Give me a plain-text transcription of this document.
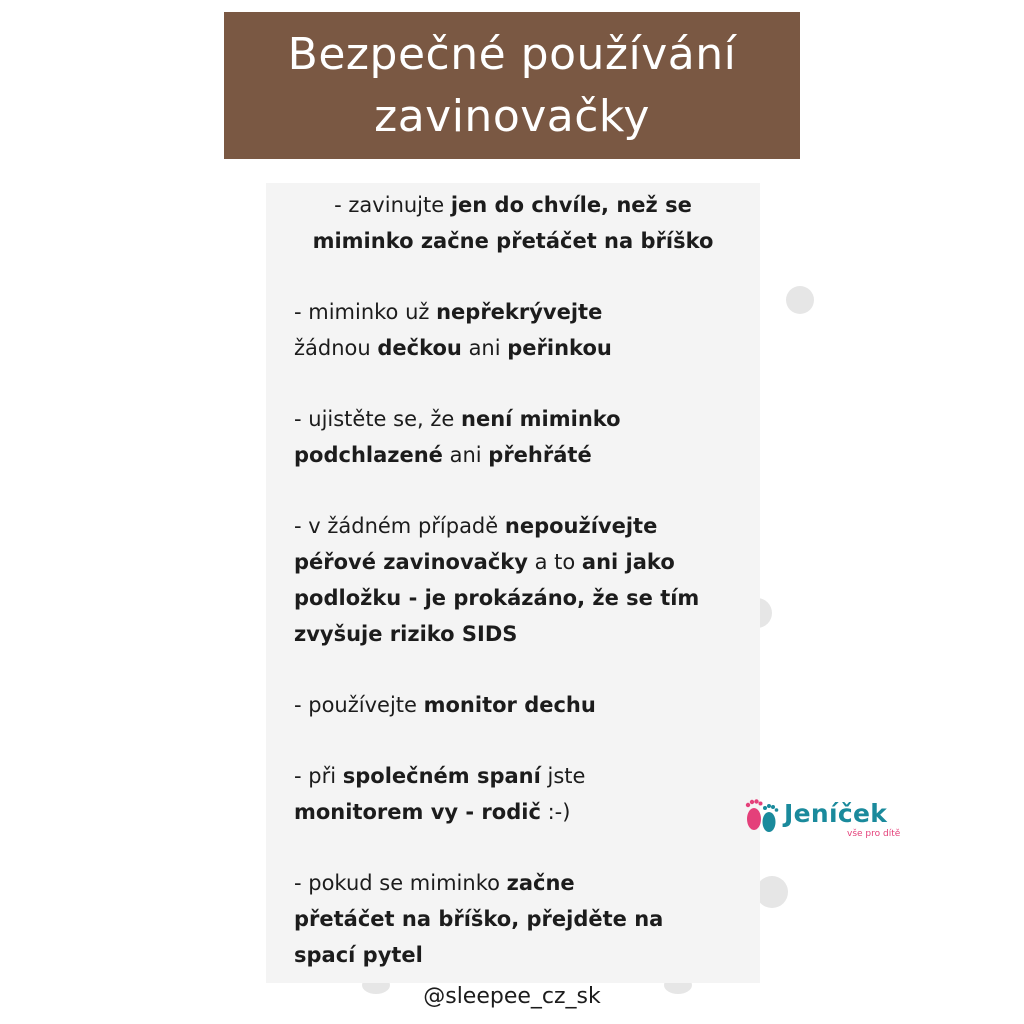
Bezpečné používání
zavinovačky
- zavinujte jen do chvíle, než se
miminko začne přetáčet na bříško
- miminko už nepřekrývejte
žádnou dečkou ani peřinkou
- ujistěte se, že není miminko
podchlazené ani přehřáté
- v žádném případě nepoužívejte
péřové zavinovačky a to ani jako
podložku - je prokázáno, že se tím
zvyšuje riziko SIDS
- používejte monitor dechu
- při společném spaní jste
monitorem vy - rodič :-)
- pokud se miminko začne
přetáčet na bříško, přejděte na
spací pytel
Jeníček
vše pro dítě
@sleepee_cz_sk
